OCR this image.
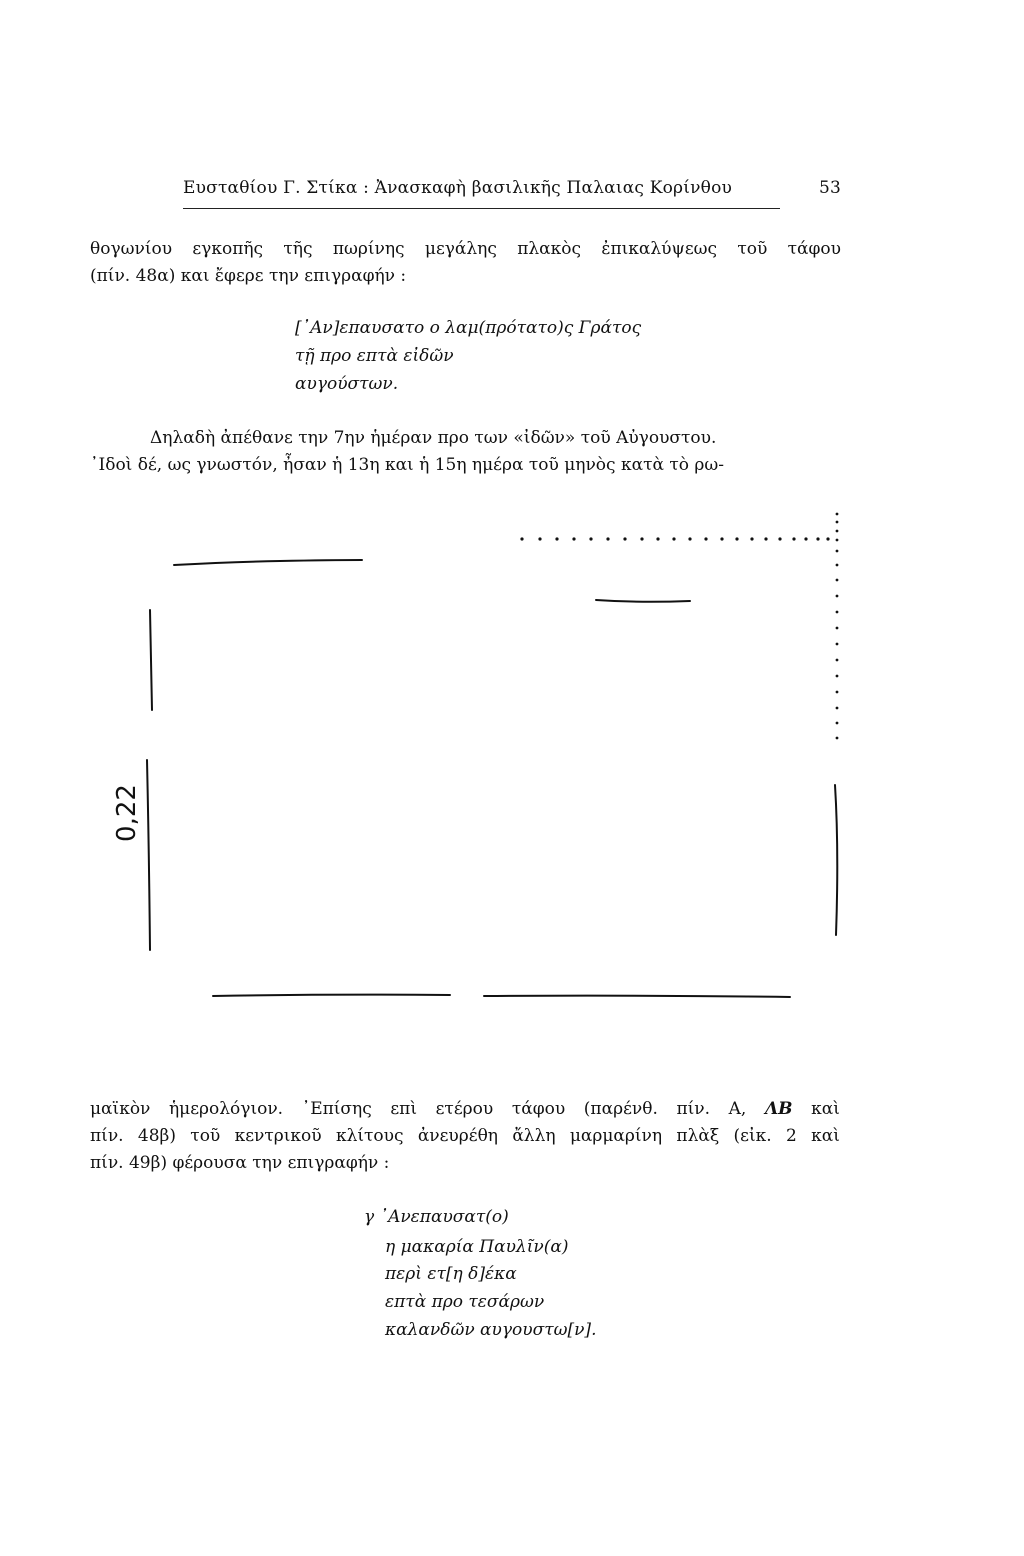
Ευσταθίου Γ. Στίκα : Ἀνασκαφὴ βασιλικῆς Παλαιας Κορίνθου	53
θογωνίου εγκοπῆς τῆς πωρίνης μεγάλης πλακὸς ἐπικαλύψεως τοῦ τάφου
(πίν. 48α) και ἔφερε την επιγραφήν :
[᾿Αν]επαυσατο ο λαμ(πρότατο)ς Γράτος
τῇ προ επτὰ εἰδῶν
αυγούστων.
Δηλαδὴ ἀπέθανε την 7ην ἡμέραν προ των «ἰδῶν» τοῦ Αὐγουστου.
᾿Ιδοὶ δέ, ως γνωστόν, ἦσαν ἡ 13η και ἡ 15η ημέρα τοῦ μηνὸς κατὰ τὸ ρω-
0,22
μαϊκὸν ἡμερολόγιον. ᾿Επίσης επὶ ετέρου τάφου (παρένθ. πίν. Α, ΛΒ καὶ
πίν. 48β) τοῦ κεντρικοῦ κλίτους ἀνευρέθη ἄλλη μαρμαρίνη πλὰξ (εἰκ. 2 καὶ
πίν. 49β) φέρουσα την επιγραφήν :
γ ᾿Ανεπαυσατ(ο)
η μακαρία Παυλῖν(α)
περὶ ετ[η δ]έκα
επτὰ προ τεσάρων
καλανδῶν αυγουστω[ν].
